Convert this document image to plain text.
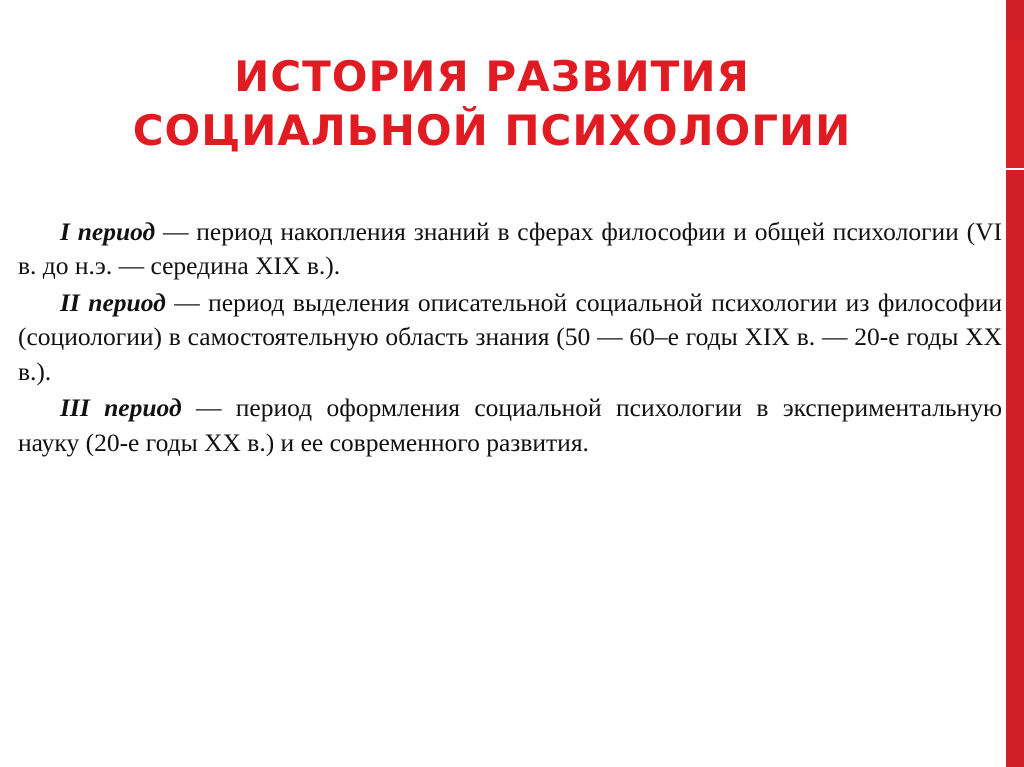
ИСТОРИЯ РАЗВИТИЯ
СОЦИАЛЬНОЙ ПСИХОЛОГИИ

I период — период накопления знаний в сферах философии и общей психологии (VI в. до н.э. — середина XIX в.).

II период — период выделения описательной социальной психологии из философии (социологии) в самостоятельную область знания (50 — 60–е годы XIX в. — 20-е годы XX в.).

III период — период оформления социальной психологии в экспериментальную науку (20-е годы XX в.) и ее современного развития.
